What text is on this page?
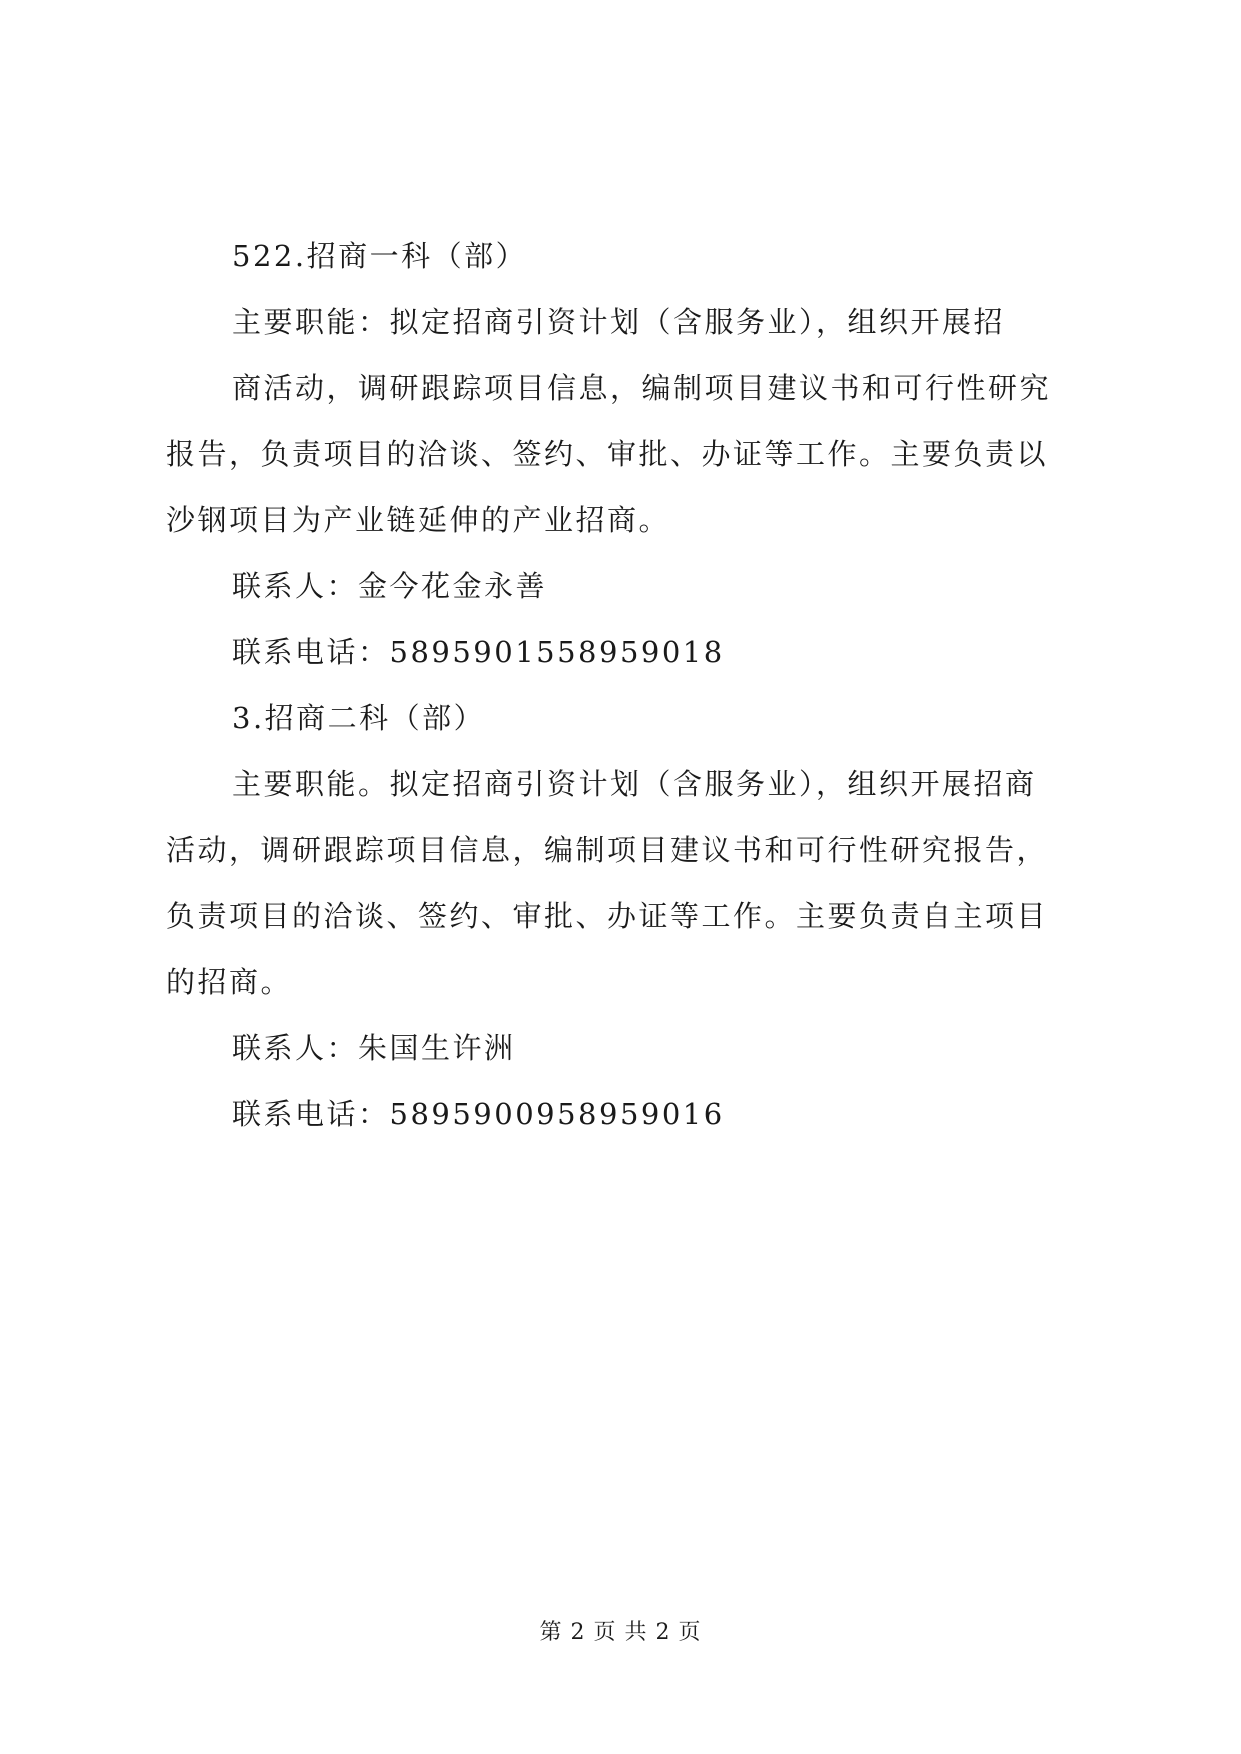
522.招商一科（部）
主要职能：拟定招商引资计划（含服务业），组织开展招
商活动，调研跟踪项目信息，编制项目建议书和可行性研究
报告，负责项目的洽谈、签约、审批、办证等工作。主要负责以
沙钢项目为产业链延伸的产业招商。
联系人：金今花金永善
联系电话：58959015589590​18
3.招商二科（部）
主要职能。拟定招商引资计划（含服务业），组织开展招商
活动，调研跟踪项目信息，编制项目建议书和可行性研究报告，
负责项目的洽谈、签约、审批、办证等工作。主要负责自主项目
的招商。
联系人：朱国生许洲
联系电话：5895900958959016
第 2 页 共 2 页
